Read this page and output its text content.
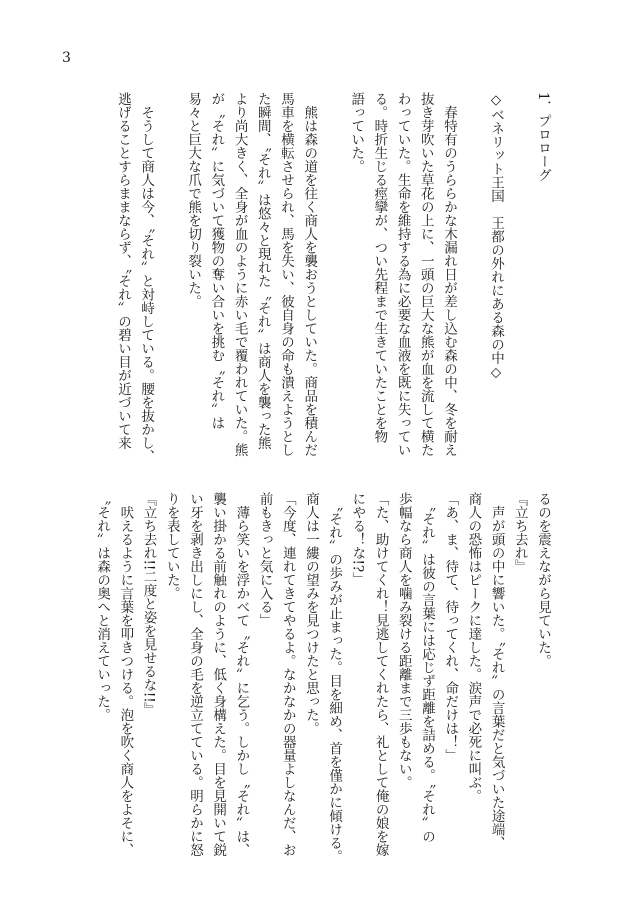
3
1．プロローグ
◇ベネリット王国　王都の外れにある森の中◇
　春特有のうららかな木漏れ日が差し込む森の中、冬を耐え
抜き芽吹いた草花の上に、一頭の巨大な熊が血を流して横た
わっていた。生命を維持する為に必要な血液を既に失ってい
る。時折生じる痙攣が、つい先程まで生きていたことを物
語っていた。
　熊は森の道を往く商人を襲おうとしていた。商品を積んだ
馬車を横転させられ、馬を失い、彼自身の命も潰えようとし
た瞬間、〝それ〟は悠々と現れた〝それ〟は商人を襲った熊
より尚大きく、全身が血のように赤い毛で覆われていた。熊
が〝それ〟に気づいて獲物の奪い合いを挑む〝それ〟は
易々と巨大な爪で熊を切り裂いた。
　そうして商人は今、〝それ〟と対峙している。腰を抜かし、
逃げることすらままならず、〝それ〟の碧い目が近づいて来
るのを震えながら見ていた。
『立ち去れ』
　声が頭の中に響いた。〝それ〟の言葉だと気づいた途端、
商人の恐怖はピークに達した。涙声で必死に叫ぶ。
「あ、ま、待て、待ってくれ、命だけは！」
　〝それ〟は彼の言葉には応じず距離を詰める。〝それ〟の
歩幅なら商人を噛み裂ける距離まで三歩もない。
「た、助けてくれ！見逃してくれたら、礼として俺の娘を嫁
にやる！な!?」
　〝それ〟の歩みが止まった。目を細め、首を僅かに傾ける。
商人は一縷の望みを見つけたと思った。
「今度、連れてきてやるよ。なかなかの器量よしなんだ、お
前もきっと気に入る」
　薄ら笑いを浮かべて〝それ〟に乞う。しかし〝それ〟は、
襲い掛かる前触れのように、低く身構えた。目を見開いて鋭
い牙を剥き出しにし、全身の毛を逆立てている。明らかに怒
りを表していた。
『立ち去れ!!二度と姿を見せるな!!』
　吠えるように言葉を叩きつける。泡を吹く商人をよそに、
〝それ〟は森の奥へと消えていった。
